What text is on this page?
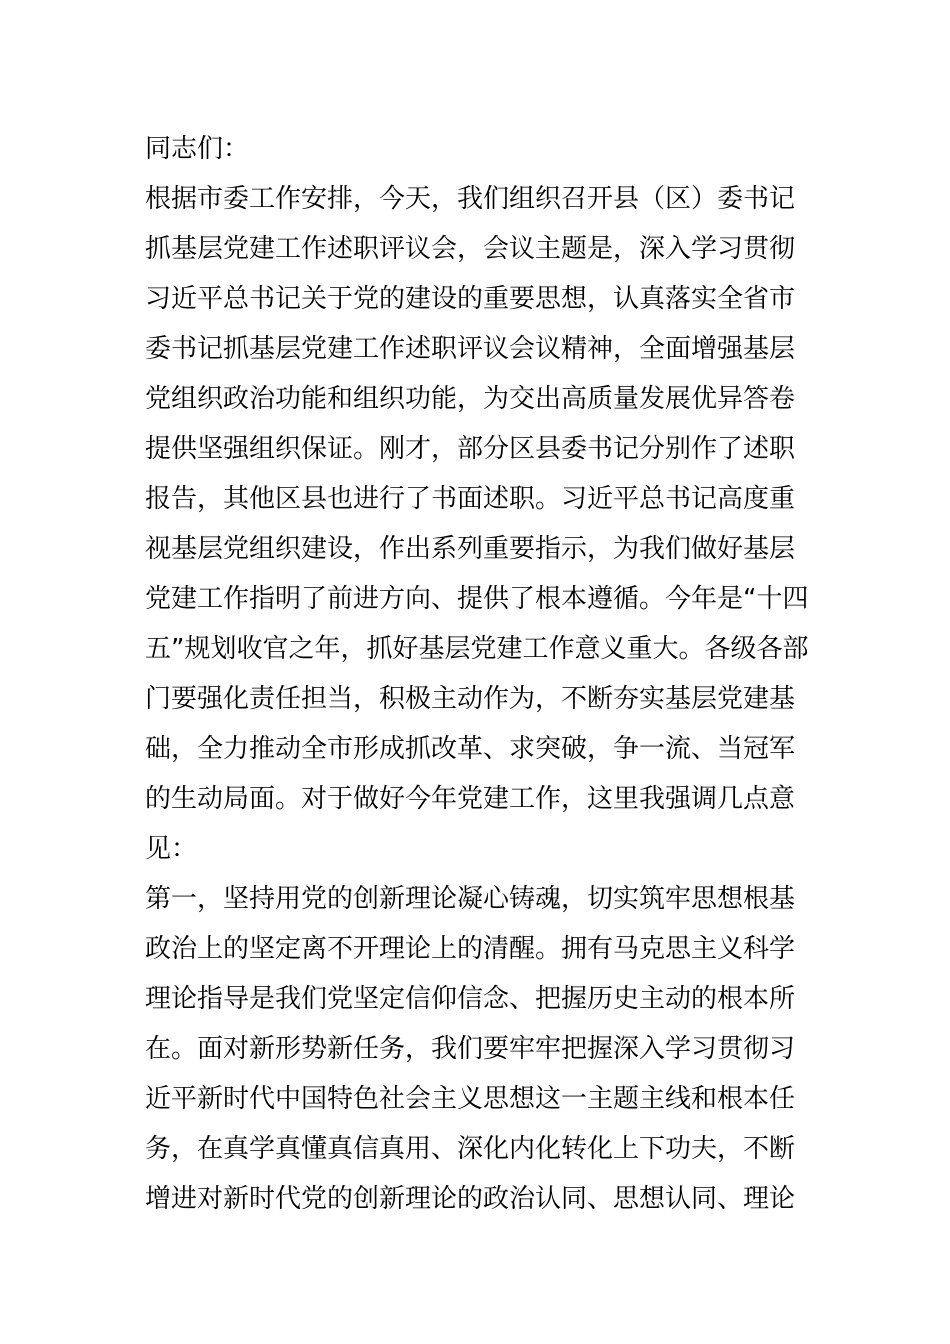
同志们：
根据市委工作安排，今天，我们组织召开县（区）委书记
抓基层党建工作述职评议会，会议主题是，深入学习贯彻
习近平总书记关于党的建设的重要思想，认真落实全省市
委书记抓基层党建工作述职评议会议精神，全面增强基层
党组织政治功能和组织功能，为交出高质量发展优异答卷
提供坚强组织保证。刚才，部分区县委书记分别作了述职
报告，其他区县也进行了书面述职。习近平总书记高度重
视基层党组织建设，作出系列重要指示，为我们做好基层
党建工作指明了前进方向、提供了根本遵循。今年是“十四
五”规划收官之年，抓好基层党建工作意义重大。各级各部
门要强化责任担当，积极主动作为，不断夯实基层党建基
础，全力推动全市形成抓改革、求突破，争一流、当冠军
的生动局面。对于做好今年党建工作，这里我强调几点意
见：
第一，坚持用党的创新理论凝心铸魂，切实筑牢思想根基
政治上的坚定离不开理论上的清醒。拥有马克思主义科学
理论指导是我们党坚定信仰信念、把握历史主动的根本所
在。面对新形势新任务，我们要牢牢把握深入学习贯彻习
近平新时代中国特色社会主义思想这一主题主线和根本任
务，在真学真懂真信真用、深化内化转化上下功夫，不断
增进对新时代党的创新理论的政治认同、思想认同、理论
